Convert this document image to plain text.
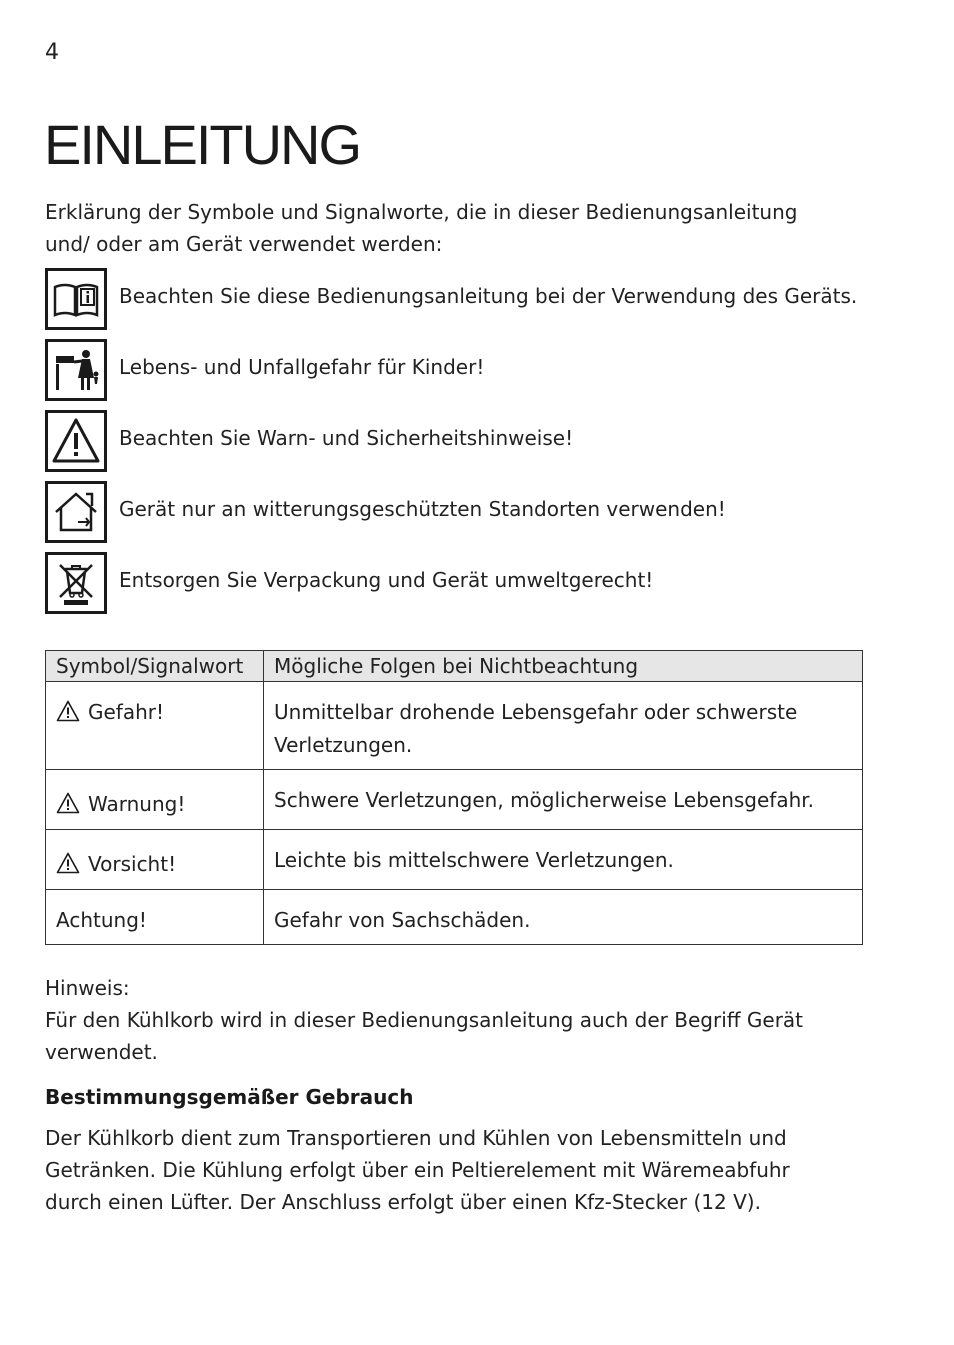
4
EINLEITUNG
Erklärung der Symbole und Signalworte, die in dieser Bedienungsanleitung und/ oder am Gerät verwendet werden:
Beachten Sie diese Bedienungsanleitung bei der Verwendung des Geräts.
Lebens- und Unfallgefahr für Kinder!
Beachten Sie Warn- und Sicherheitshinweise!
Gerät nur an witterungsgeschützten Standorten verwenden!
Entsorgen Sie Verpackung und Gerät umweltgerecht!
Symbol/Signalwort	Mögliche Folgen bei Nichtbeachtung
Gefahr!	Unmittelbar drohende Lebensgefahr oder schwerste Verletzungen.
Warnung!	Schwere Verletzungen, möglicherweise Lebensgefahr.
Vorsicht!	Leichte bis mittelschwere Verletzungen.
Achtung!	Gefahr von Sachschäden.
Hinweis:
Für den Kühlkorb wird in dieser Bedienungsanleitung auch der Begriff Gerät verwendet.
Bestimmungsgemäßer Gebrauch
Der Kühlkorb dient zum Transportieren und Kühlen von Lebensmitteln und Getränken. Die Kühlung erfolgt über ein Peltierelement mit Wäremeabfuhr durch einen Lüfter. Der Anschluss erfolgt über einen Kfz-Stecker (12 V).
